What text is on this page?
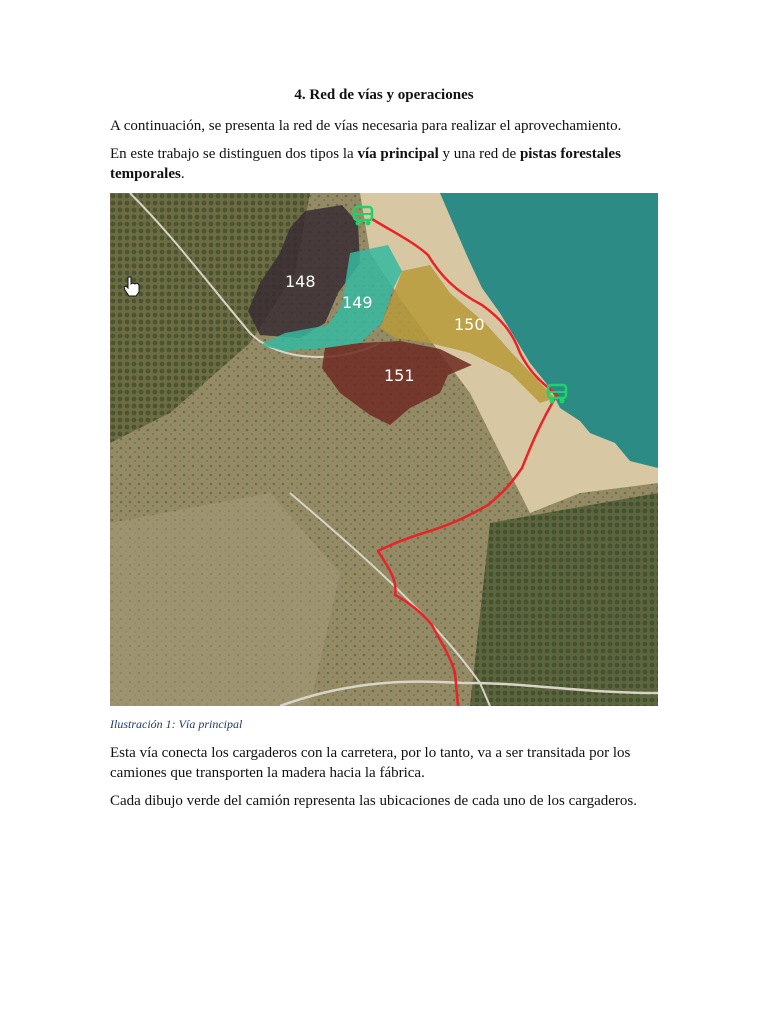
4. Red de vías y operaciones

A continuación, se presenta la red de vías necesaria para realizar el aprovechamiento.

En este trabajo se distinguen dos tipos la vía principal y una red de pistas forestales temporales.

148
149
150
151

Ilustración 1: Vía principal

Esta vía conecta los cargaderos con la carretera, por lo tanto, va a ser transitada por los camiones que transporten la madera hacia la fábrica.

Cada dibujo verde del camión representa las ubicaciones de cada uno de los cargaderos.
